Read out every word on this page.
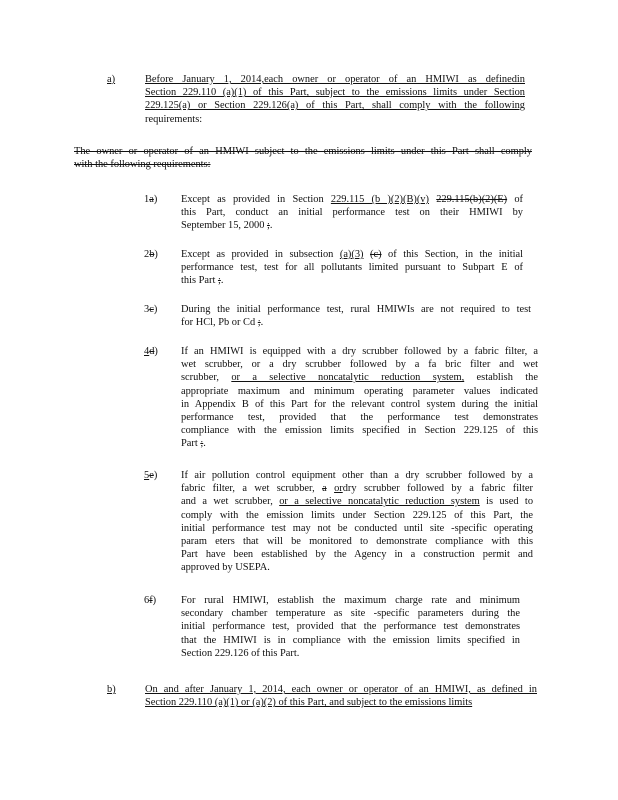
a)	Before January 1, 2014,each owner or operator of an HMIWI as definedin
Section 229.110 (a)(1) of this Part, subject to the emissions limits under Section
229.125(a) or Section 229.126(a) of this Part, shall comply with the following
requirements:
The owner or operator of an HMIWI subject to the emissions limits under this Part shall comply
with the following requirements:
1a) Except as provided in Section 229.115 (b )(2)(B)(v) 229.115(b)(2)(E) of
this Part, conduct an initial performance test on their HMIWI by
September 15, 2000 ;.
2b) Except as provided in subsection (a)(3) (c) of this Section, in the initial
performance test, test for all pollutants limited pursuant to Subpart E of
this Part ;.
3c) During the initial performance test, rural HMIWIs are not required to test
for HCl, Pb or Cd ;.
4d) If an HMIWI is equipped with a dry scrubber followed by a fabric filter, a
wet scrubber, or a dry scrubber followed by a fa bric filter and wet
scrubber, or a selective noncatalytic reduction system, establish the
appropriate maximum and minimum operating parameter values indicated
in Appendix B of this Part for the relevant control system during the initial
performance test, provided that the performance test demonstrates
compliance with the emission limits specified in Section 229.125 of this
Part ;.
5e) If air pollution control equipment other than a dry scrubber followed by a
fabric filter, a wet scrubber, a ordry scrubber followed by a fabric filter
and a wet scrubber, or a selective noncatalytic reduction system is used to
comply with the emission limits under Section 229.125 of this Part, the
initial performance test may not be conducted until site -specific operating
param eters that will be monitored to demonstrate compliance with this
Part have been established by the Agency in a construction permit and
approved by USEPA.
6f) For rural HMIWI, establish the maximum charge rate and minimum
secondary chamber temperature as site -specific parameters during the
initial performance test, provided that the performance test demonstrates
that the HMIWI is in compliance with the emission limits specified in
Section 229.126 of this Part.
b)	On and after January 1, 2014, each owner or operator of an HMIWI, as defined in
Section 229.110 (a)(1) or (a)(2) of this Part, and subject to the emissions limits
